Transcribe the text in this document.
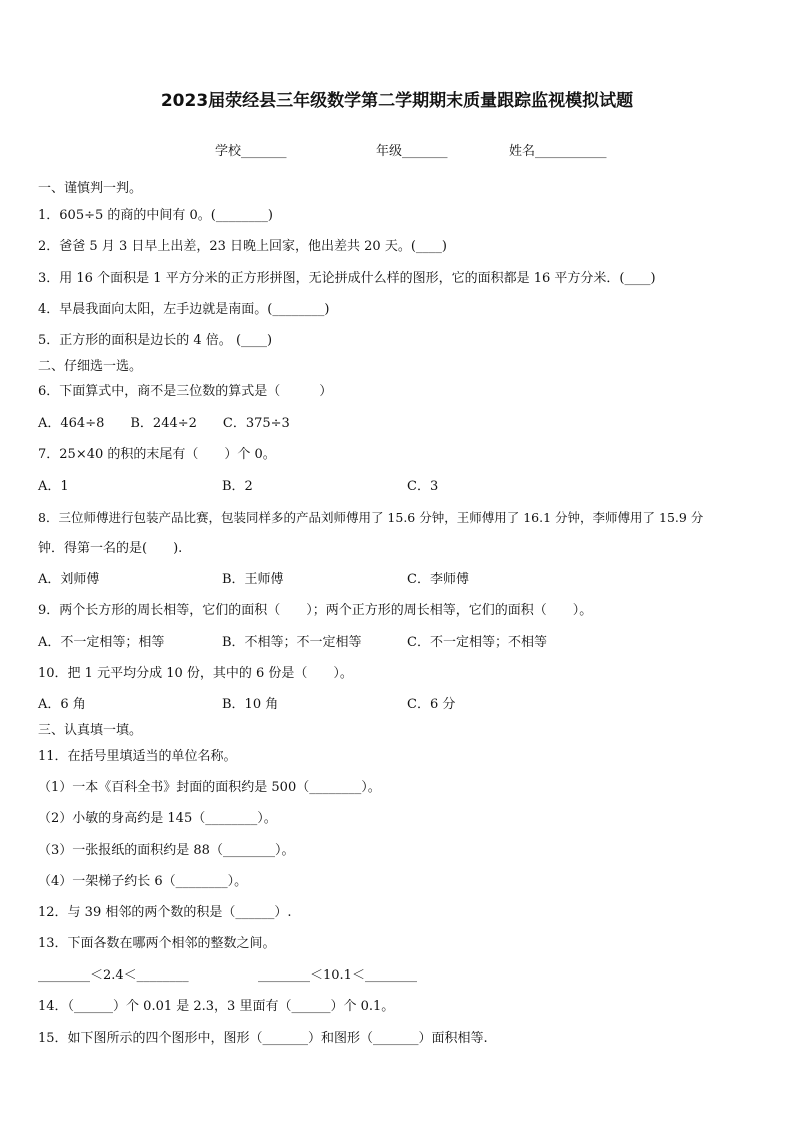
2023届荥经县三年级数学第二学期期末质量跟踪监视模拟试题
学校_______	年级_______	姓名___________
一、谨慎判一判。
1．605÷5 的商的中间有 0。(________)
2．爸爸 5 月 3 日早上出差，23 日晚上回家，他出差共 20 天。(____)
3．用 16 个面积是 1 平方分米的正方形拼图，无论拼成什么样的图形，它的面积都是 16 平方分米．(____)
4．早晨我面向太阳，左手边就是南面。(________)
5．正方形的面积是边长的 4 倍。 (____)
二、仔细选一选。
6．下面算式中，商不是三位数的算式是（　　　）
A．464÷8　　B．244÷2　　C．375÷3
7．25×40 的积的末尾有（　　）个 0。
A．1	B．2	C．3
8．三位师傅进行包装产品比赛，包装同样多的产品刘师傅用了 15.6 分钟，王师傅用了 16.1 分钟，李师傅用了 15.9 分
钟．得第一名的是(　　).
A．刘师傅	B．王师傅	C．李师傅
9．两个长方形的周长相等，它们的面积（　　）；两个正方形的周长相等，它们的面积（　　）。
A．不一定相等；相等	B．不相等；不一定相等	C．不一定相等；不相等
10．把 1 元平均分成 10 份，其中的 6 份是（　　）。
A．6 角	B．10 角	C．6 分
三、认真填一填。
11．在括号里填适当的单位名称。
（1）一本《百科全书》封面的面积约是 500（________）。
（2）小敏的身高约是 145（________）。
（3）一张报纸的面积约是 88（________）。
（4）一架梯子约长 6（________）。
12．与 39 相邻的两个数的积是（______）.
13．下面各数在哪两个相邻的整数之间。
________＜2.4＜________	________＜10.1＜________
14．（______）个 0.01 是 2.3，3 里面有（______）个 0.1。
15．如下图所示的四个图形中，图形（_______）和图形（_______）面积相等.
